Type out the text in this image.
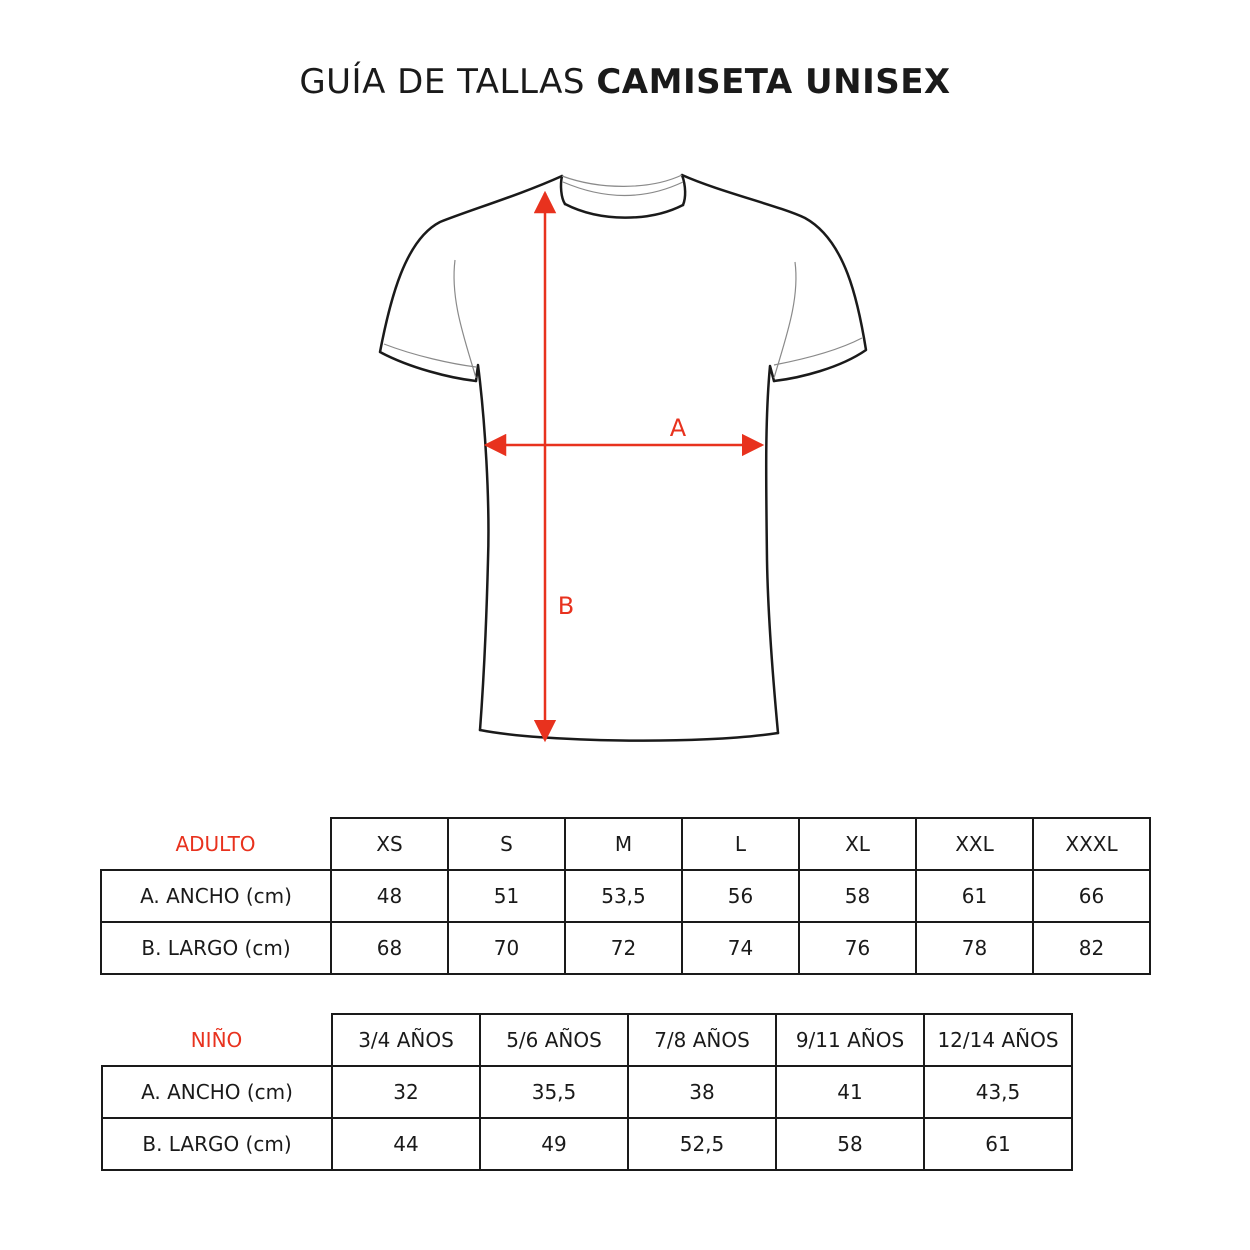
GUÍA DE TALLAS CAMISETA UNISEX
A
B
ADULTO	XS	S	M	L	XL	XXL	XXXL
A. ANCHO (cm)	48	51	53,5	56	58	61	66
B. LARGO (cm)	68	70	72	74	76	78	82
NIÑO	3/4 AÑOS	5/6 AÑOS	7/8 AÑOS	9/11 AÑOS	12/14 AÑOS
A. ANCHO (cm)	32	35,5	38	41	43,5
B. LARGO (cm)	44	49	52,5	58	61
